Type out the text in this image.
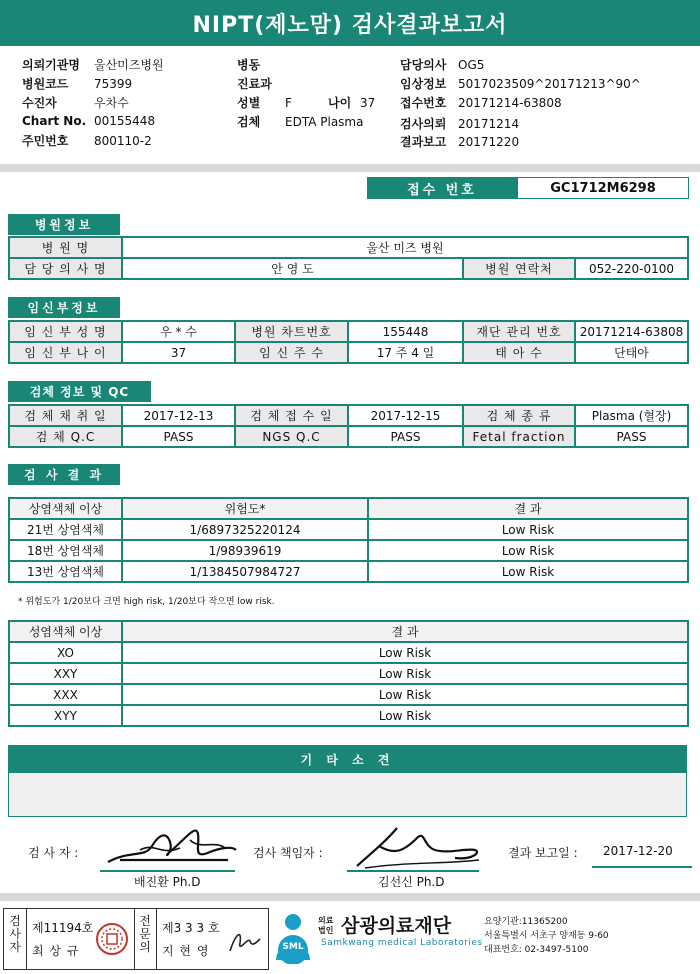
NIPT(제노맘) 검사결과보고서
의뢰기관명 울산미즈병원
병원코드 75399
수진자	우차수
Chart No. 00155448
주민번호 800110-2
병동
진료과
성별 F	나이 37
검체 EDTA Plasma
담당의사 OG5
임상정보 5017023509^20171213^90^
접수번호 20171214-63808
검사의뢰 20171214
결과보고 20171220
접수 번호	GC1712M6298
병원정보
병 원 명	울산 미즈 병원		
담 당 의 사 명	안 영 도	병원 연락처	052-220-0100
임신부정보
임 신 부 성 명	우 * 수	병원 차트번호	155448	재단 관리 번호	20171214-63808
임 신 부 나 이	37	임 신 주 수	17 주 4 일	태 아 수	단태아
검체 정보 및 QC
검 체 채 취 일	2017-12-13	검 체 접 수 일	2017-12-15	검 체 종 류	Plasma (혈장)
검 체 Q.C	PASS	NGS Q.C	PASS	Fetal fraction	PASS
검 사 결 과
상염색체 이상	위험도*	결 과
21번 상염색체	1/6897325220124	Low Risk
18번 상염색체	1/98939619	Low Risk
13번 상염색체	1/1384507984727	Low Risk
* 위험도가 1/20보다 크면 high risk, 1/20보다 작으면 low risk.
성염색체 이상	결 과
XO	Low Risk
XXY	Low Risk
XXX	Low Risk
XYY	Low Risk
기 타 소 견
검 사 자 :
배진환 Ph.D
검사 책임자 :
김선신 Ph.D
결과 보고일 : 2017-12-20
검사자
제11194호
최 상 규
전문의
제3 3 3 호
지 현 영	SML
의료법인 삼광의료재단
Samkwang medical Laboratories
요양기관:11365200
서울특별시 서초구 양재동 9-60
대표번호: 02-3497-5100
